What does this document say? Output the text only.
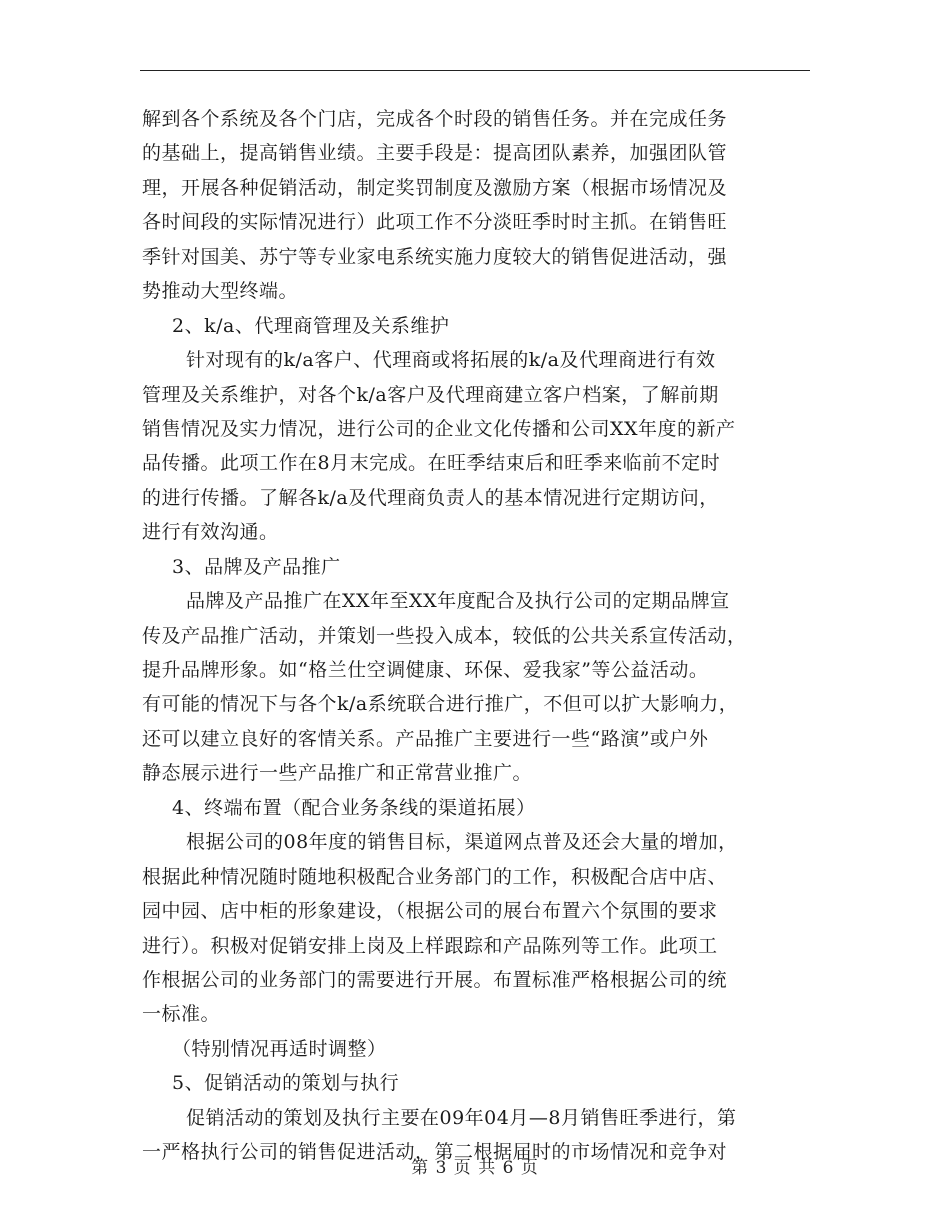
解到各个系统及各个门店，完成各个时段的销售任务。并在完成任务
的基础上，提高销售业绩。主要手段是：提高团队素养，加强团队管
理，开展各种促销活动，制定奖罚制度及激励方案（根据市场情况及
各时间段的实际情况进行）此项工作不分淡旺季时时主抓。在销售旺
季针对国美、苏宁等专业家电系统实施力度较大的销售促进活动，强
势推动大型终端。
2、k/a、代理商管理及关系维护
针对现有的k/a客户、代理商或将拓展的k/a及代理商进行有效
管理及关系维护，对各个k/a客户及代理商建立客户档案，了解前期
销售情况及实力情况，进行公司的企业文化传播和公司XX年度的新产
品传播。此项工作在8月末完成。在旺季结束后和旺季来临前不定时
的进行传播。了解各k/a及代理商负责人的基本情况进行定期访问，
进行有效沟通。
3、品牌及产品推广
品牌及产品推广在XX年至XX年度配合及执行公司的定期品牌宣
传及产品推广活动，并策划一些投入成本，较低的公共关系宣传活动，
提升品牌形象。如“格兰仕空调健康、环保、爱我家”等公益活动。
有可能的情况下与各个k/a系统联合进行推广，不但可以扩大影响力，
还可以建立良好的客情关系。产品推广主要进行一些“路演”或户外
静态展示进行一些产品推广和正常营业推广。
4、终端布置（配合业务条线的渠道拓展）
根据公司的08年度的销售目标，渠道网点普及还会大量的增加，
根据此种情况随时随地积极配合业务部门的工作，积极配合店中店、
园中园、店中柜的形象建设，（根据公司的展台布置六个氛围的要求
进行）。积极对促销安排上岗及上样跟踪和产品陈列等工作。此项工
作根据公司的业务部门的需要进行开展。布置标准严格根据公司的统
一标准。
（特别情况再适时调整）
5、促销活动的策划与执行
促销活动的策划及执行主要在09年04月—8月销售旺季进行，第
一严格执行公司的销售促进活动，第二根据届时的市场情况和竞争对
第 3 页 共 6 页
